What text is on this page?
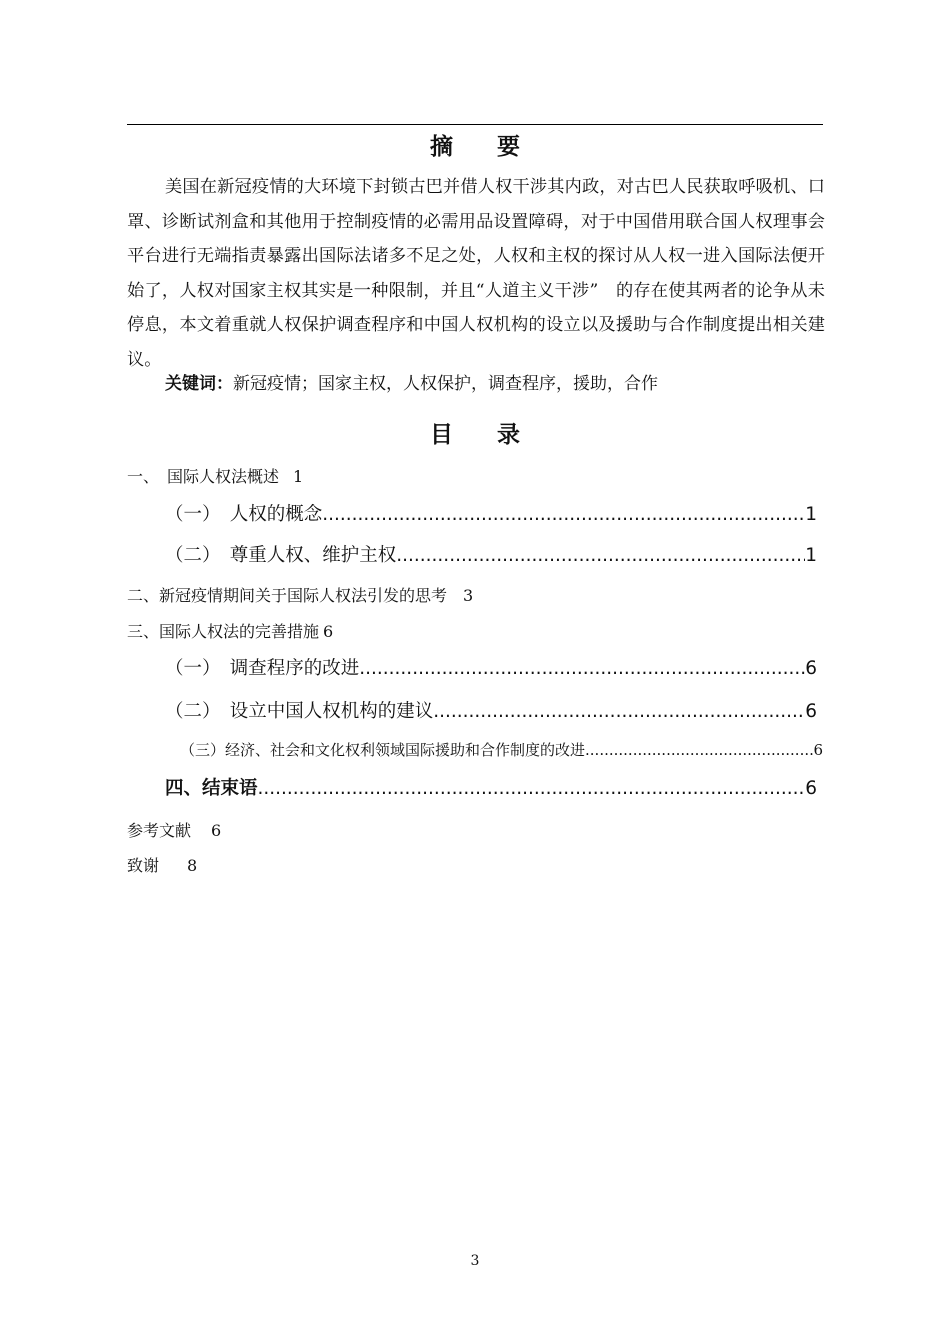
摘 要

美国在新冠疫情的大环境下封锁古巴并借人权干涉其内政，对古巴人民获取呼吸机、口罩、诊断试剂盒和其他用于控制疫情的必需用品设置障碍，对于中国借用联合国人权理事会平台进行无端指责暴露出国际法诸多不足之处，人权和主权的探讨从人权一进入国际法便开始了，人权对国家主权其实是一种限制，并且“人道主义干涉”　的存在使其两者的论争从未停息，本文着重就人权保护调查程序和中国人权机构的设立以及援助与合作制度提出相关建议。

关键词：新冠疫情；国家主权，人权保护，调查程序，援助，合作
目 录
一、　国际人权法概述 1
（一）　人权的概念 .....	1
（二）　尊重人权、维护主权 .....	1
二、新冠疫情期间关于国际人权法引发的思考 3
三、国际人权法的完善措施 6
（一）　调查程序的改进 .....	6
（二）　设立中国人权机构的建议 .....	6
（三）经济、社会和文化权利领域国际援助和合作制度的改进 .....	6
四、结束语 .....	6
参考文献 6
致谢 8
3
